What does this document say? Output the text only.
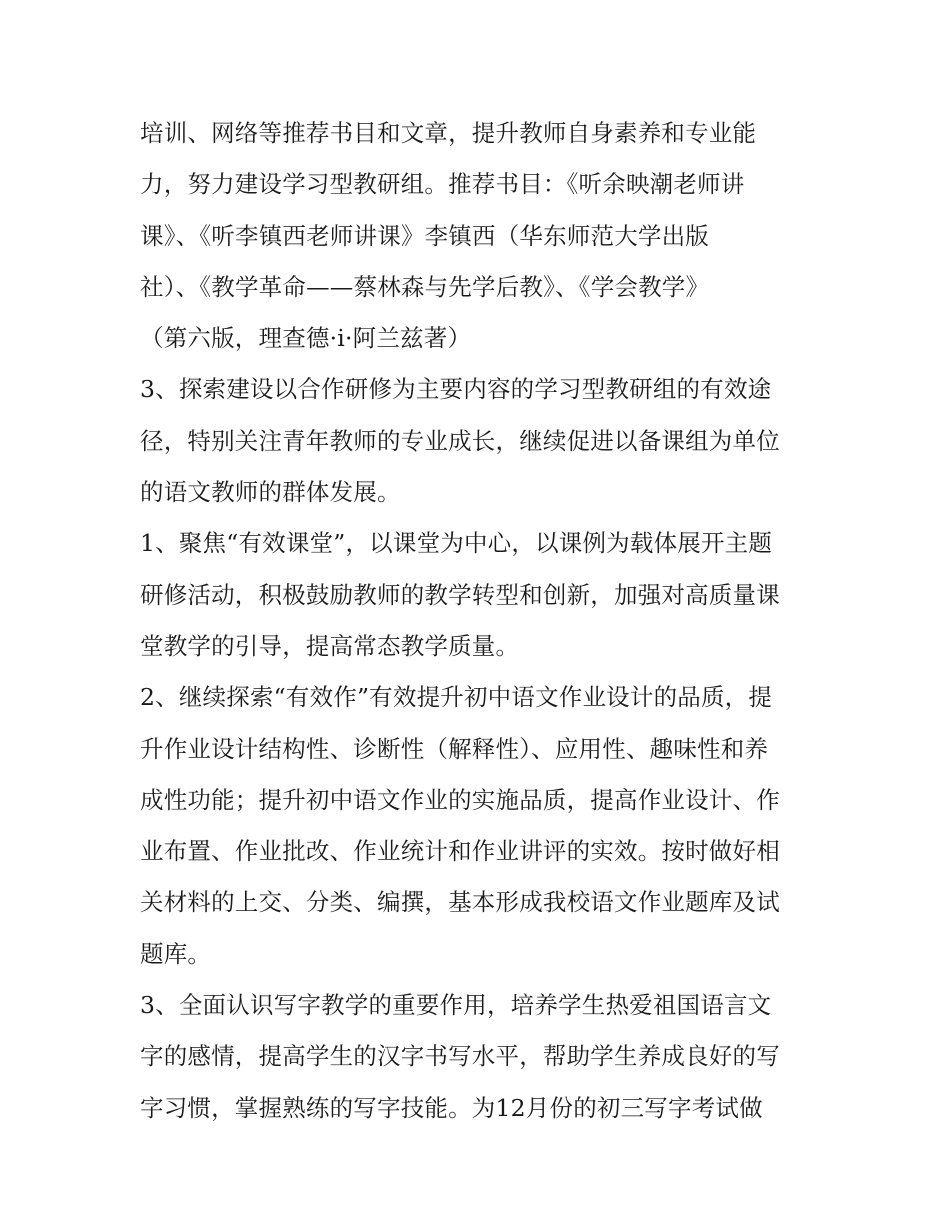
培训、网络等推荐书目和文章，提升教师自身素养和专业能
力，努力建设学习型教研组。推荐书目：《听余映潮老师讲
课》、《听李镇西老师讲课》李镇西（华东师范大学出版
社）、《教学革命——蔡林森与先学后教》、《学会教学》
（第六版，理查德·i·阿兰兹著）
3、探索建设以合作研修为主要内容的学习型教研组的有效途
径，特别关注青年教师的专业成长，继续促进以备课组为单位
的语文教师的群体发展。
1、聚焦“有效课堂”，以课堂为中心，以课例为载体展开主题
研修活动，积极鼓励教师的教学转型和创新，加强对高质量课
堂教学的引导，提高常态教学质量。
2、继续探索“有效作”有效提升初中语文作业设计的品质，提
升作业设计结构性、诊断性（解释性）、应用性、趣味性和养
成性功能；提升初中语文作业的实施品质，提高作业设计、作
业布置、作业批改、作业统计和作业讲评的实效。按时做好相
关材料的上交、分类、编撰，基本形成我校语文作业题库及试
题库。
3、全面认识写字教学的重要作用，培养学生热爱祖国语言文
字的感情，提高学生的汉字书写水平，帮助学生养成良好的写
字习惯，掌握熟练的写字技能。为12月份的初三写字考试做
